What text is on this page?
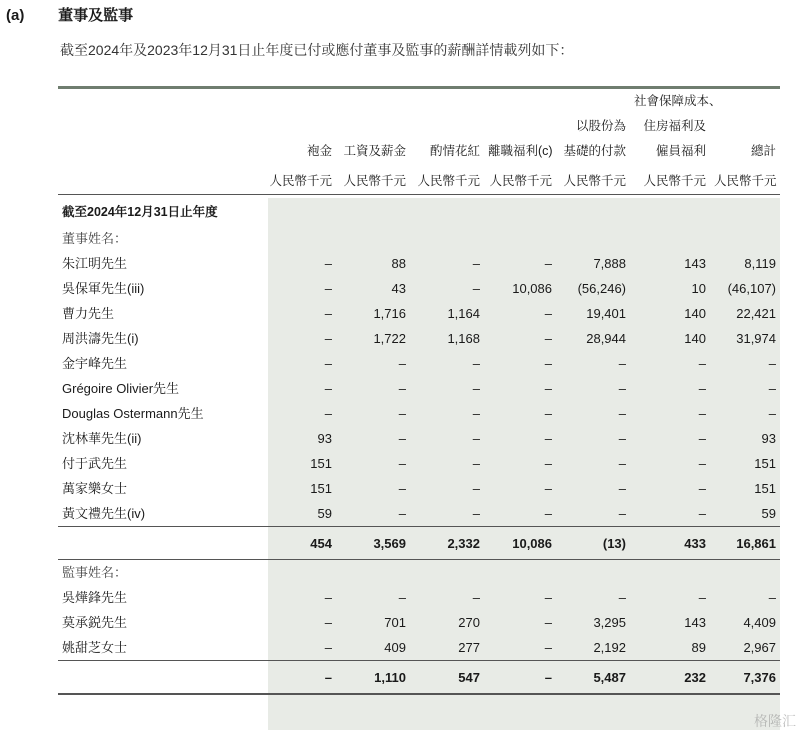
(a) 董事及監事
截至2024年及2023年12月31日止年度已付或應付董事及監事的薪酬詳情載列如下：
						社會保障成本、	
					以股份為	住房福利及	
	袍金	工資及薪金	酌情花紅	離職福利(c)	基礎的付款	僱員福利	總計
	人民幣千元	人民幣千元	人民幣千元	人民幣千元	人民幣千元	人民幣千元	人民幣千元
截至2024年12月31日止年度							
董事姓名：							
朱江明先生	–	88	–	–	7,888	143	8,119
吳保軍先生(iii)	–	43	–	10,086	(56,246)	10	(46,107)
曹力先生	–	1,716	1,164	–	19,401	140	22,421
周洪濤先生(i)	–	1,722	1,168	–	28,944	140	31,974
金宇峰先生	–	–	–	–	–	–	–
Grégoire Olivier先生	–	–	–	–	–	–	–
Douglas Ostermann先生	–	–	–	–	–	–	–
沈林華先生(ii)	93	–	–	–	–	–	93
付于武先生	151	–	–	–	–	–	151
萬家樂女士	151	–	–	–	–	–	151
黃文禮先生(iv)	59	–	–	–	–	–	59
	454	3,569	2,332	10,086	(13)	433	16,861
監事姓名：							
吳燁鋒先生	–	–	–	–	–	–	–
莫承鋭先生	–	701	270	–	3,295	143	4,409
姚甜芝女士	–	409	277	–	2,192	89	2,967
	–	1,110	547	–	5,487	232	7,376
格隆汇
